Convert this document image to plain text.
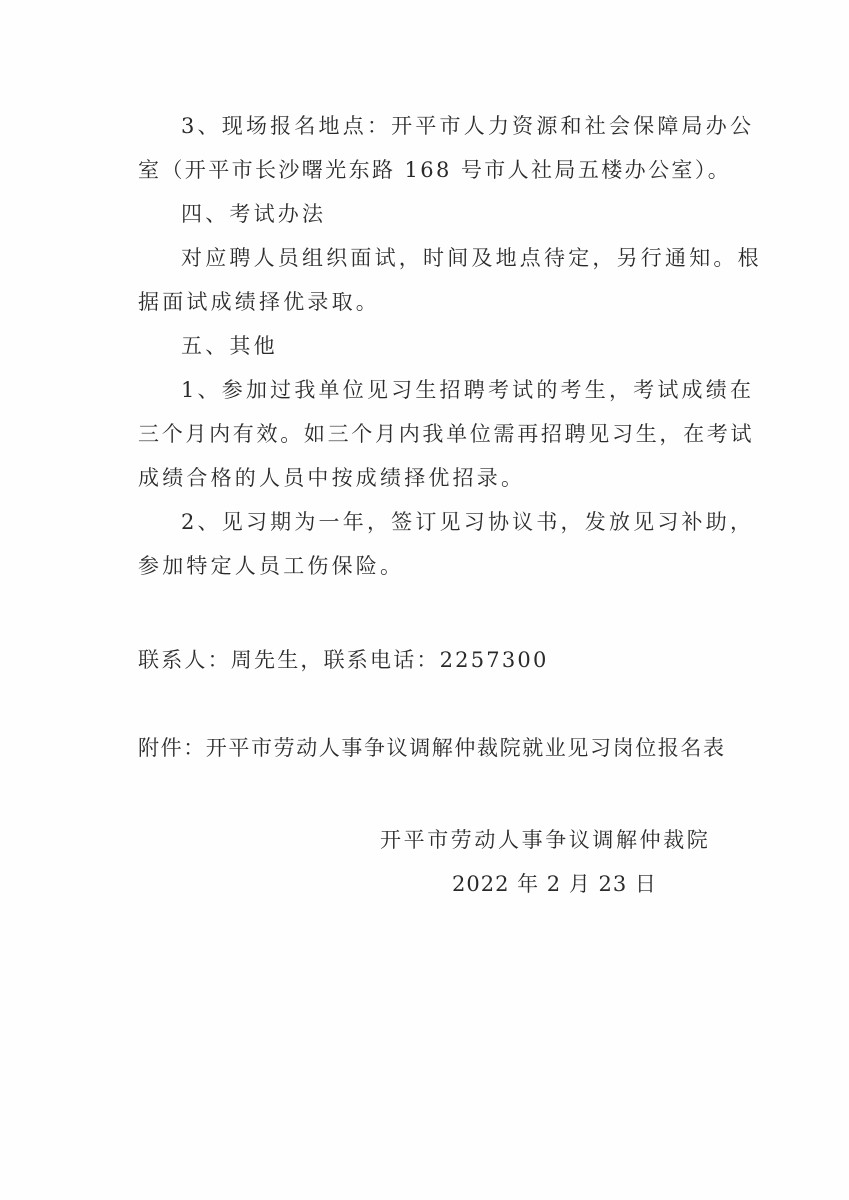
3、现场报名地点：开平市人力资源和社会保障局办公
室（开平市长沙曙光东路 168 号市人社局五楼办公室）。
四、考试办法
对应聘人员组织面试，时间及地点待定，另行通知。根
据面试成绩择优录取。
五、其他
1、参加过我单位见习生招聘考试的考生，考试成绩在
三个月内有效。如三个月内我单位需再招聘见习生，在考试
成绩合格的人员中按成绩择优招录。
2、见习期为一年，签订见习协议书，发放见习补助，
参加特定人员工伤保险。
联系人：周先生，联系电话：2257300
附件：开平市劳动人事争议调解仲裁院就业见习岗位报名表
开平市劳动人事争议调解仲裁院
2022 年 2 月 23 日
